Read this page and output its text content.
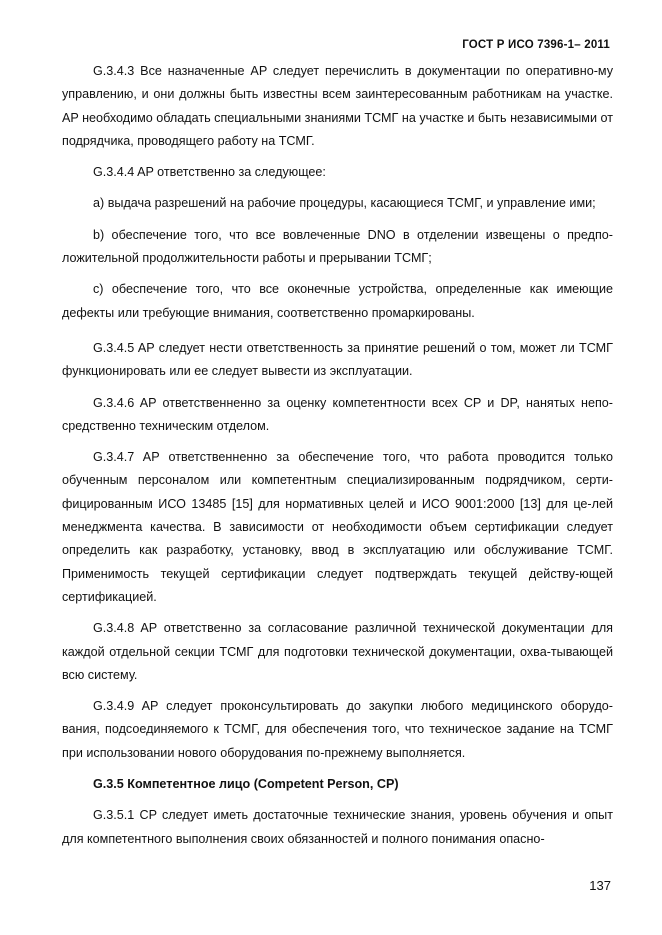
ГОСТ Р ИСО 7396-1– 2011

G.3.4.3 Все назначенные AP следует перечислить в документации по оперативно-му управлению, и они должны быть известны всем заинтересованным работникам на участке. AP необходимо обладать специальными знаниями ТСМГ на участке и быть независимыми от подрядчика, проводящего работу на ТСМГ.

G.3.4.4 AP ответственно за следующее:

а) выдача разрешений на рабочие процедуры, касающиеся ТСМГ, и управление ими;

b) обеспечение того, что все вовлеченные DNO в отделении извещены о предпо-ложительной продолжительности работы и прерывании ТСМГ;

с) обеспечение того, что все оконечные устройства, определенные как имеющие дефекты или требующие внимания, соответственно промаркированы.

G.3.4.5 AP следует нести ответственность за принятие решений о том, может ли ТСМГ функционировать или ее следует вывести из эксплуатации.

G.3.4.6 AP ответственненно за оценку компетентности всех CP и DP, нанятых непо-средственно техническим отделом.

G.3.4.7 AP ответственненно за обеспечение того, что работа проводится только обученным персоналом или компетентным специализированным подрядчиком, серти-фицированным ИСО 13485 [15] для нормативных целей и ИСО 9001:2000 [13] для це-лей менеджмента качества. В зависимости от необходимости объем сертификации следует определить как разработку, установку, ввод в эксплуатацию или обслуживание ТСМГ. Применимость текущей сертификации следует подтверждать текущей действу-ющей сертификацией.

G.3.4.8 AP ответственно за согласование различной технической документации для каждой отдельной секции ТСМГ для подготовки технической документации, охва-тывающей всю систему.

G.3.4.9 AP следует проконсультировать до закупки любого медицинского оборудо-вания, подсоединяемого к ТСМГ, для обеспечения того, что техническое задание на ТСМГ при использовании нового оборудования по-прежнему выполняется.

G.3.5 Компетентное лицо (Competent Person, CP)

G.3.5.1 CP следует иметь достаточные технические знания, уровень обучения и опыт для компетентного выполнения своих обязанностей и полного понимания опасно-

137
